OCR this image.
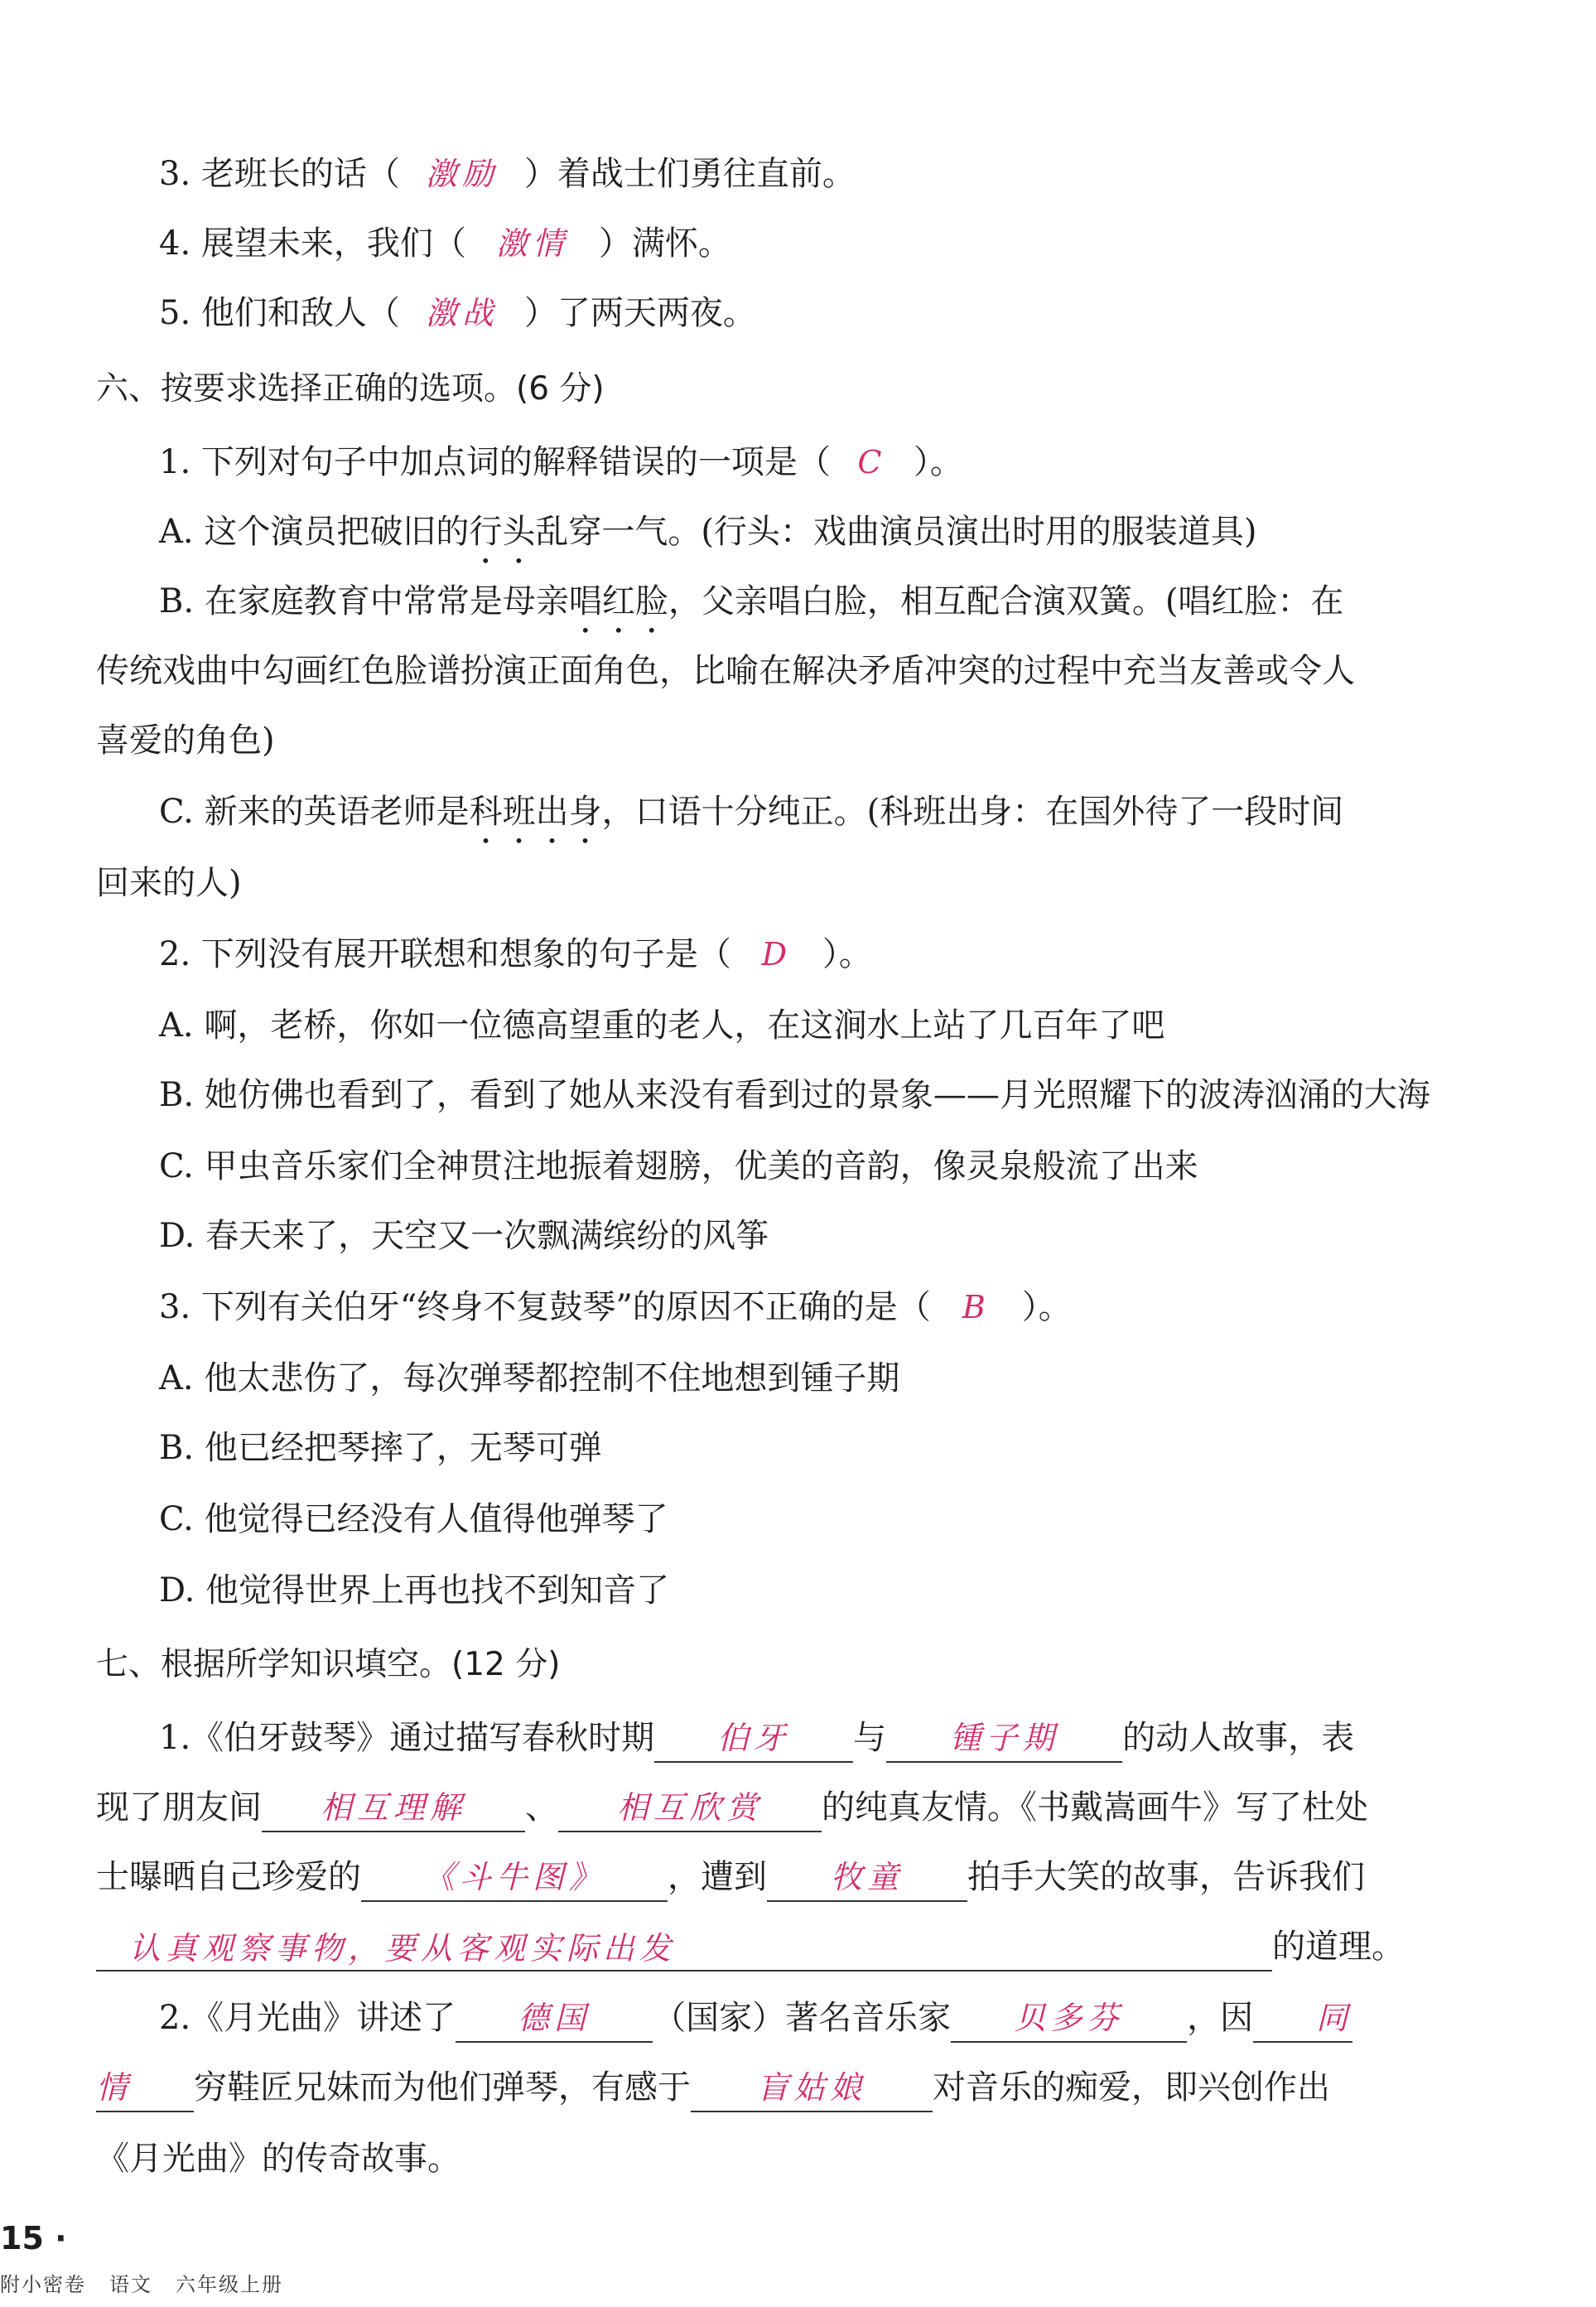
3. 老班长的话（ 激励 ）着战士们勇往直前。
4. 展望未来，我们（ 激情 ）满怀。
5. 他们和敌人（ 激战 ）了两天两夜。
六、按要求选择正确的选项。(6 分)
1. 下列对句子中加点词的解释错误的一项是（ C ）。
A. 这个演员把破旧的行头乱穿一气。(行头：戏曲演员演出时用的服装道具)
B. 在家庭教育中常常是母亲唱红脸，父亲唱白脸，相互配合演双簧。(唱红脸：在
传统戏曲中勾画红色脸谱扮演正面角色，比喻在解决矛盾冲突的过程中充当友善或令人
喜爱的角色)
C. 新来的英语老师是科班出身，口语十分纯正。(科班出身：在国外待了一段时间
回来的人)
2. 下列没有展开联想和想象的句子是（ D ）。
A. 啊，老桥，你如一位德高望重的老人，在这涧水上站了几百年了吧
B. 她仿佛也看到了，看到了她从来没有看到过的景象——月光照耀下的波涛汹涌的大海
C. 甲虫音乐家们全神贯注地振着翅膀，优美的音韵，像灵泉般流了出来
D. 春天来了，天空又一次飘满缤纷的风筝
3. 下列有关伯牙“终身不复鼓琴”的原因不正确的是（ B ）。
A. 他太悲伤了，每次弹琴都控制不住地想到锺子期
B. 他已经把琴摔了，无琴可弹
C. 他觉得已经没有人值得他弹琴了
D. 他觉得世界上再也找不到知音了
七、根据所学知识填空。(12 分)
1.《伯牙鼓琴》通过描写春秋时期 伯牙 与 锺子期 的动人故事，表
现了朋友间 相互理解 、 相互欣赏 的纯真友情。《书戴嵩画牛》写了杜处
士曝晒自己珍爱的 《斗牛图》 ，遭到 牧童 拍手大笑的故事，告诉我们
认真观察事物，要从客观实际出发	的道理。
2.《月光曲》讲述了 德国 （国家）著名音乐家 贝多芬 ，因 同
情 穷鞋匠兄妹而为他们弹琴，有感于 盲姑娘 对音乐的痴爱，即兴创作出
《月光曲》的传奇故事。
15 ·
附小密卷 语文 六年级上册
